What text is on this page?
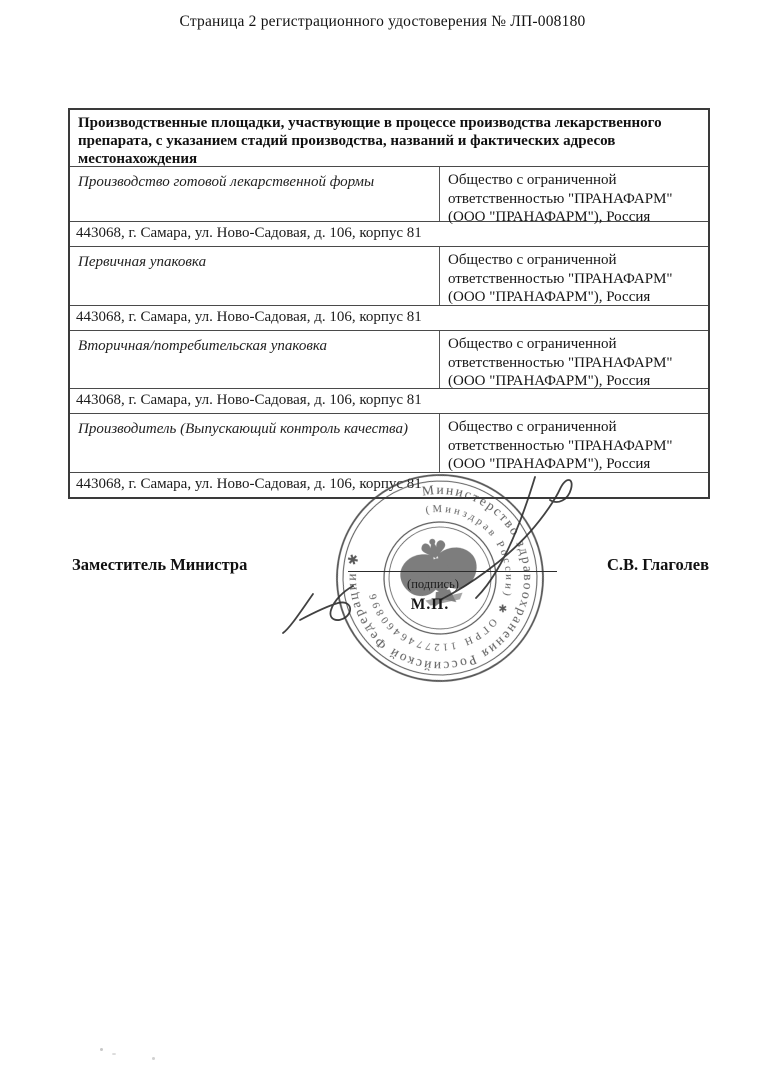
Страница 2 регистрационного удостоверения № ЛП-008180
Производственные площадки, участвующие в процессе производства лекарственного препарата, с указанием стадий производства, названий и фактических адресов местонахождения
Производство готовой лекарственной формы	Общество с ограниченной ответственностью "ПРАНАФАРМ" (ООО "ПРАНАФАРМ"), Россия
443068, г. Самара, ул. Ново-Садовая, д. 106, корпус 81
Первичная упаковка	Общество с ограниченной ответственностью "ПРАНАФАРМ" (ООО "ПРАНАФАРМ"), Россия
443068, г. Самара, ул. Ново-Садовая, д. 106, корпус 81
Вторичная/потребительская упаковка	Общество с ограниченной ответственностью "ПРАНАФАРМ" (ООО "ПРАНАФАРМ"), Россия
443068, г. Самара, ул. Ново-Садовая, д. 106, корпус 81
Производитель (Выпускающий контроль качества)	Общество с ограниченной ответственностью "ПРАНАФАРМ" (ООО "ПРАНАФАРМ"), Россия
443068, г. Самара, ул. Ново-Садовая, д. 106, корпус 81 Министерство здравоохранения Российской Федерации ✱
(Минздрав России) ✱ ОГРН 1127746460896
Заместитель Министра	С.В. Глаголев
(подпись)
М.П.
